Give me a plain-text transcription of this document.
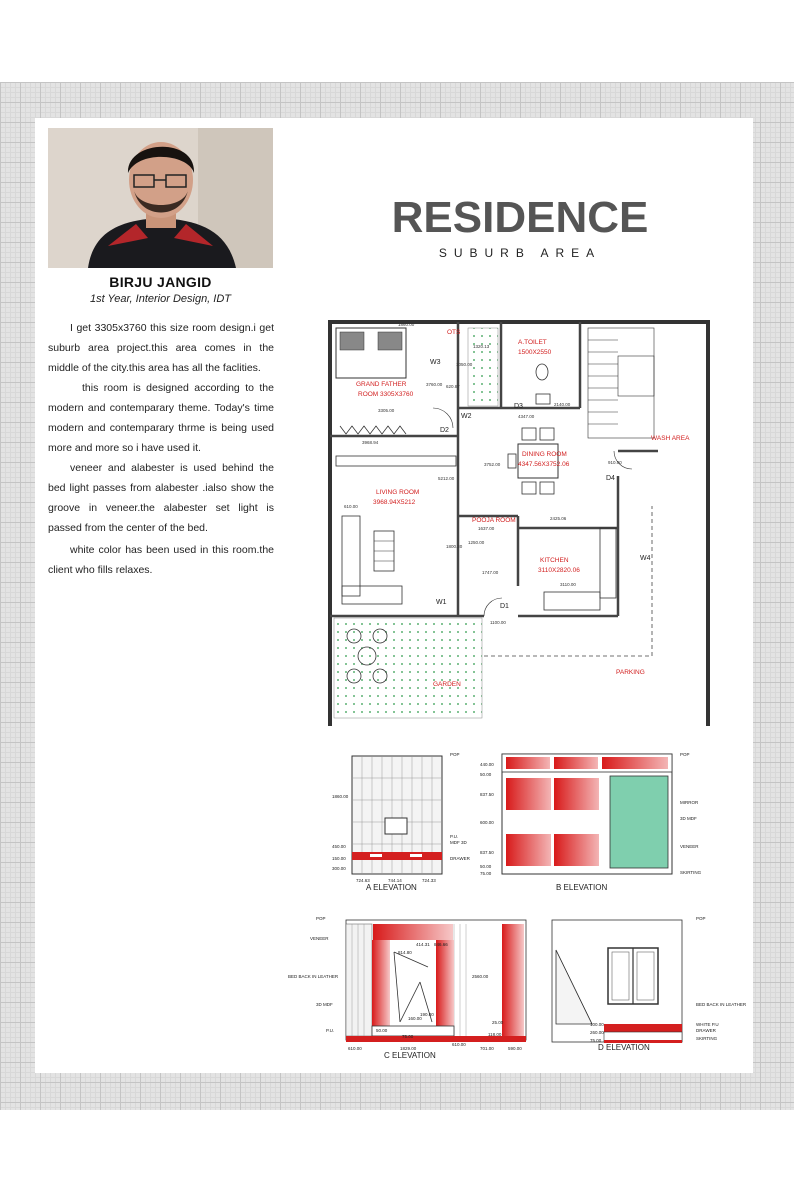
BIRJU JANGID
1st Year, Interior Design, IDT

I get 3305x3760 this size room design.i get suburb area project.this area comes in the middle of the city.this area has all the faclities.

this room is designed according to the modern and contemparary theme. Today's time modern and contemparary thrme is being used more and more so i have used it.

veneer and alabester is used behind the bed light passes from alabester .ialso show the groove in veneer.the alabester set light is passed from the center of the bed.

white color has been used in this room.the client who fills relaxes.

RESIDENCE
SUBURB AREA
GRAND FATHER
ROOM 3305X3760
OTS
A.TOILET
1500X2550
DINING ROOM
4347.56X3752.06
WASH AREA
LIVING ROOM
3968.94X5212
POOJA ROOM
KITCHEN
3110X2820.06
GARDEN
PARKING
W1
W2
W3
W4
D1
D2
D3
D4
1860.00
1320.13
1050.00
3760.00 620.87
3305.00
4347.00
2140.00
3968.94
5212.00
3752.00	910.00
610.00
2425.06
1637.00
1250.00
1747.00
3110.00
1100.00
1800.30
POP
P.U.
MDF 3D
DRAWER
1860.00
450.00
150.00
300.00
724.63	744.14	724.33
A ELEVATION
POP
MIRROR
3D MDF
VENEER
SKIRTING
440.00
50.00
837.50
600.00
837.50
50.00
75.00
B ELEVATION
POP
VENEER
BED BACK IN LEATHER
3D MDF
P.U.
414.31 846.66
814.80
190.00
2560.00
25.00
118.00
610.00	1829.00
610.00
701.00	590.00
50.00
75.00
160.00
C ELEVATION
POP
BED BACK IN LEATHER
WHITE P.U
DRAWER
SKIRTING
100.00
260.00
75.00
D ELEVATION
